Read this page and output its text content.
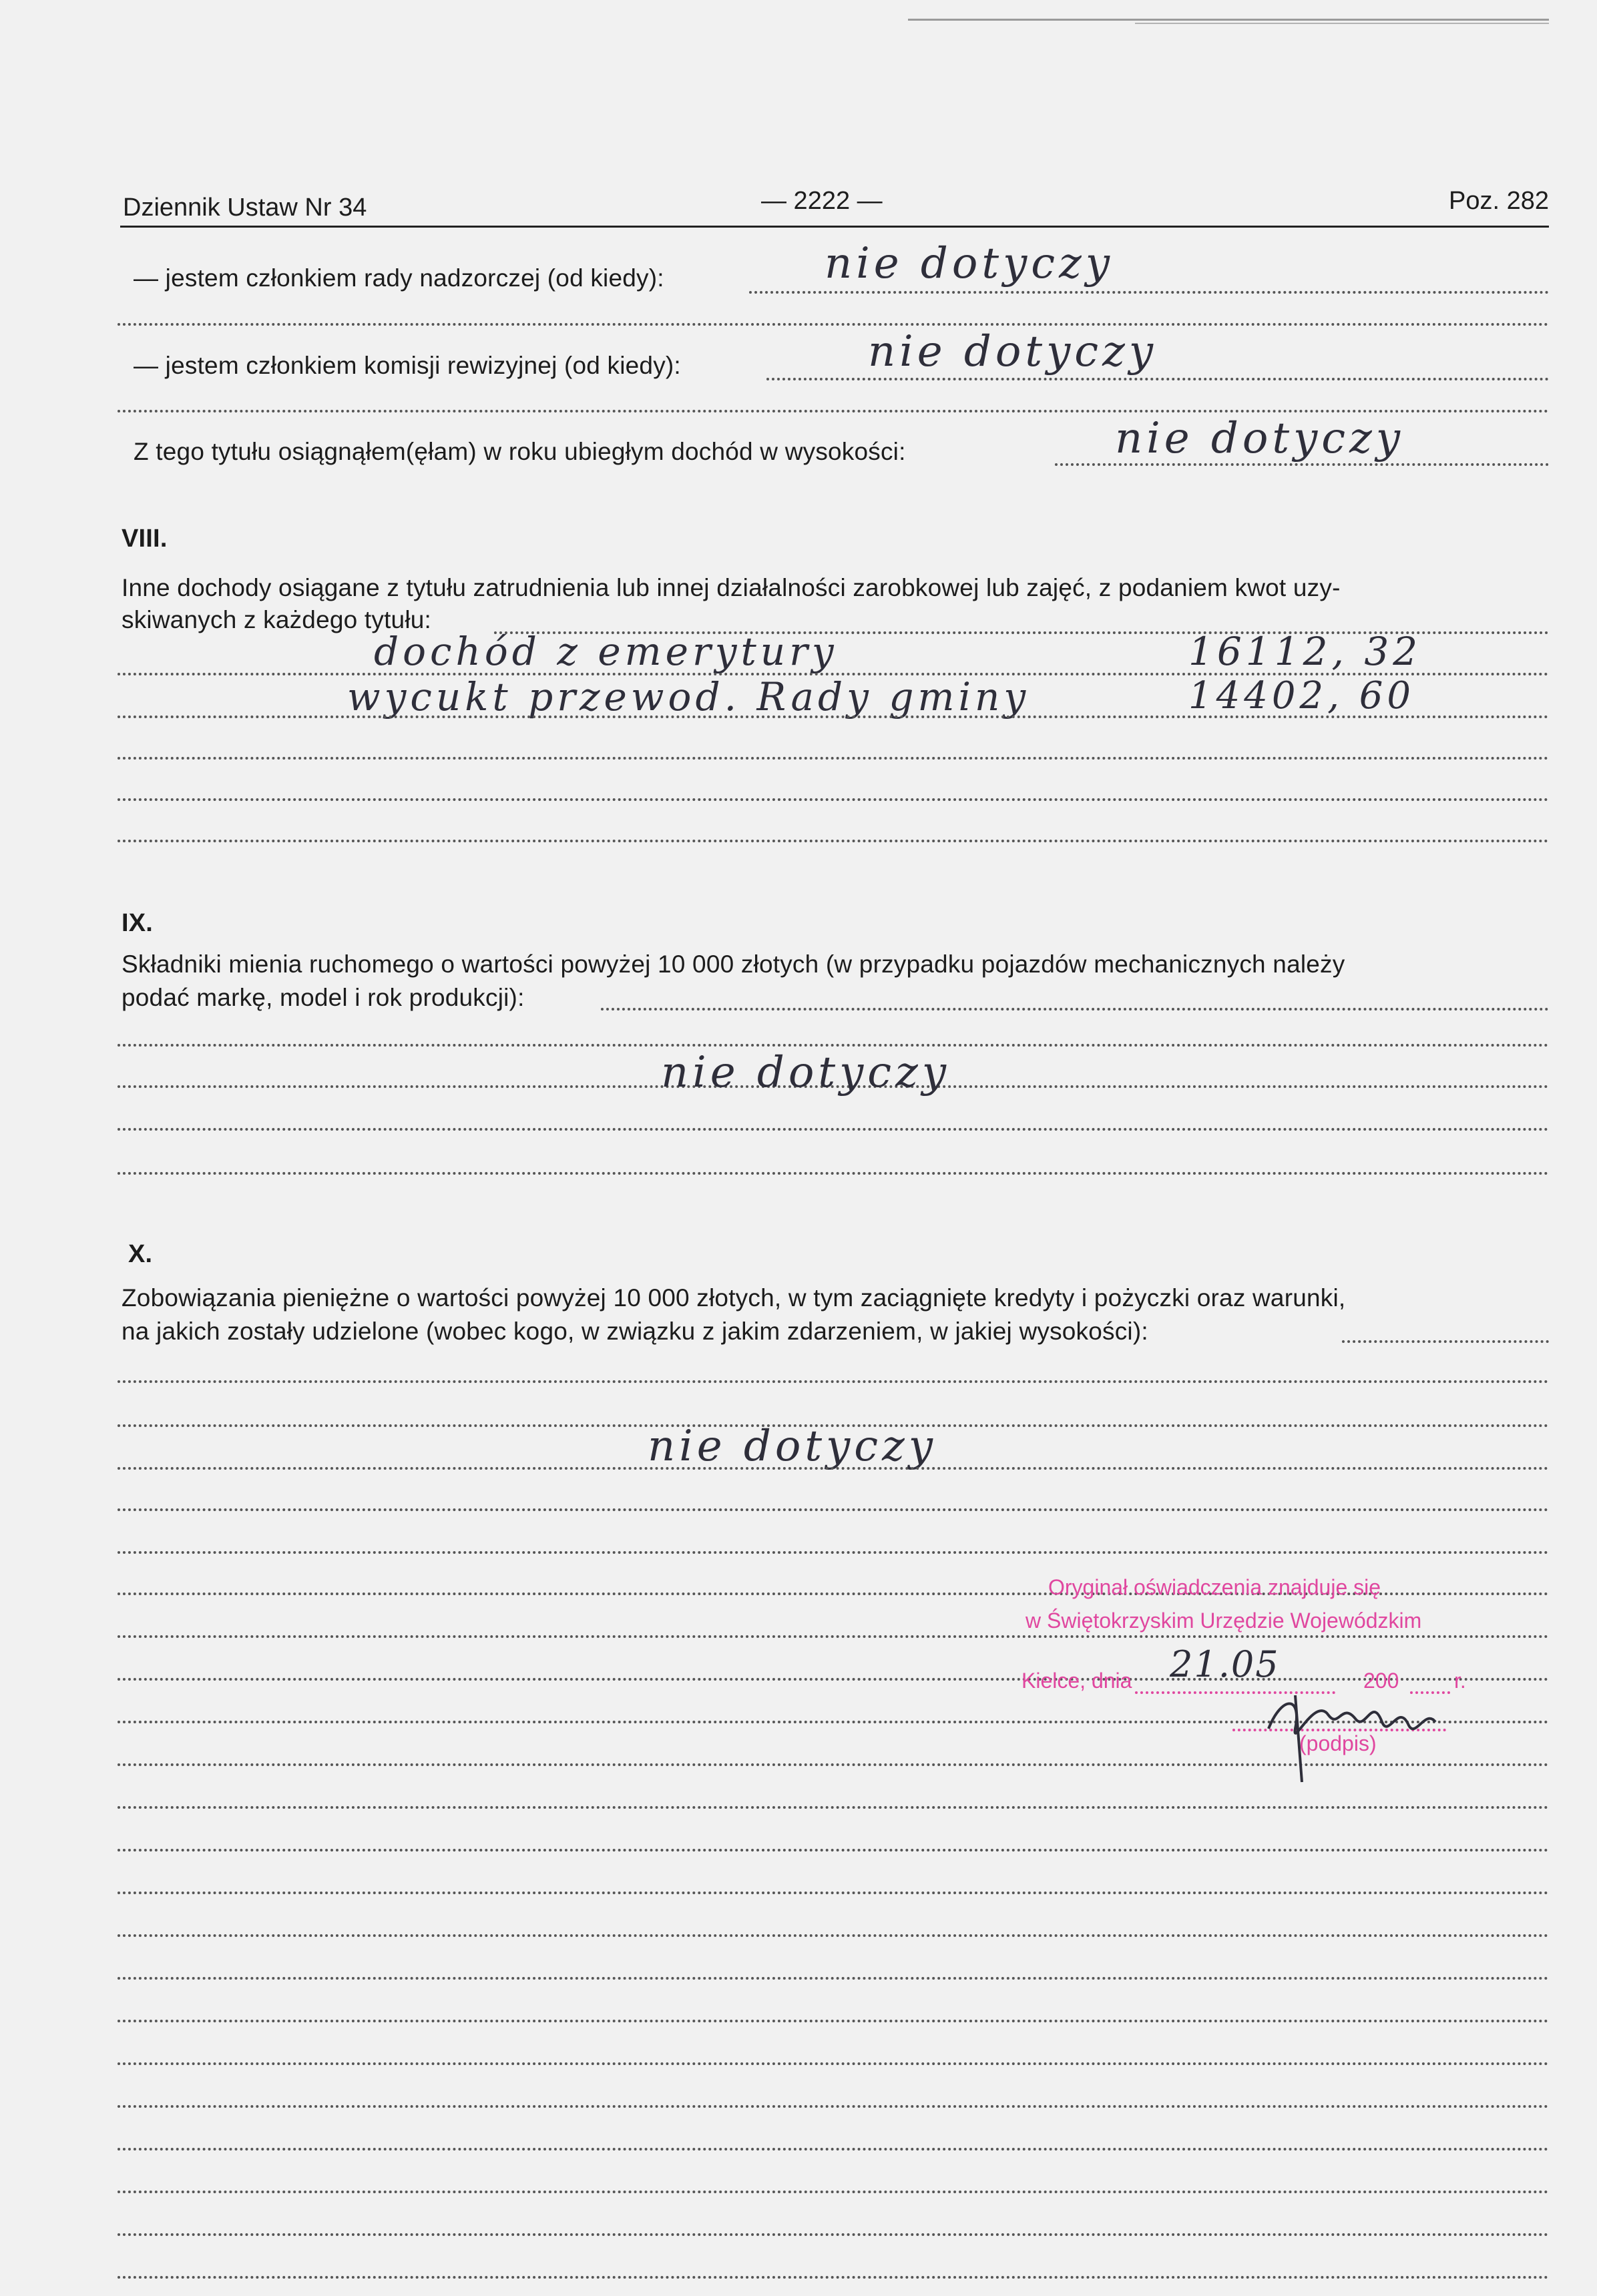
Dziennik Ustaw Nr 34	— 2222 —	Poz. 282
— jestem członkiem rady nadzorczej (od kiedy):	nie dotyczy
— jestem członkiem komisji rewizyjnej (od kiedy):	nie dotyczy
Z tego tytułu osiągnąłem(ęłam) w roku ubiegłym dochód w wysokości:	nie dotyczy
VIII.
Inne dochody osiągane z tytułu zatrudnienia lub innej działalności zarobkowej lub zajęć, z podaniem kwot uzy-
skiwanych z każdego tytułu:
dochód z emerytury	16112, 32
wycukt przewod. Rady gminy	14402, 60
IX.
Składniki mienia ruchomego o wartości powyżej 10 000 złotych (w przypadku pojazdów mechanicznych należy
podać markę, model i rok produkcji):
nie dotyczy
X.
Zobowiązania pieniężne o wartości powyżej 10 000 złotych, w tym zaciągnięte kredyty i pożyczki oraz warunki,
na jakich zostały udzielone (wobec kogo, w związku z jakim zdarzeniem, w jakiej wysokości):
nie dotyczy
Oryginał oświadczenia znajduje się
w Świętokrzyskim Urzędzie Wojewódzkim
Kielce, dnia 21.05	200	r.
(podpis)
